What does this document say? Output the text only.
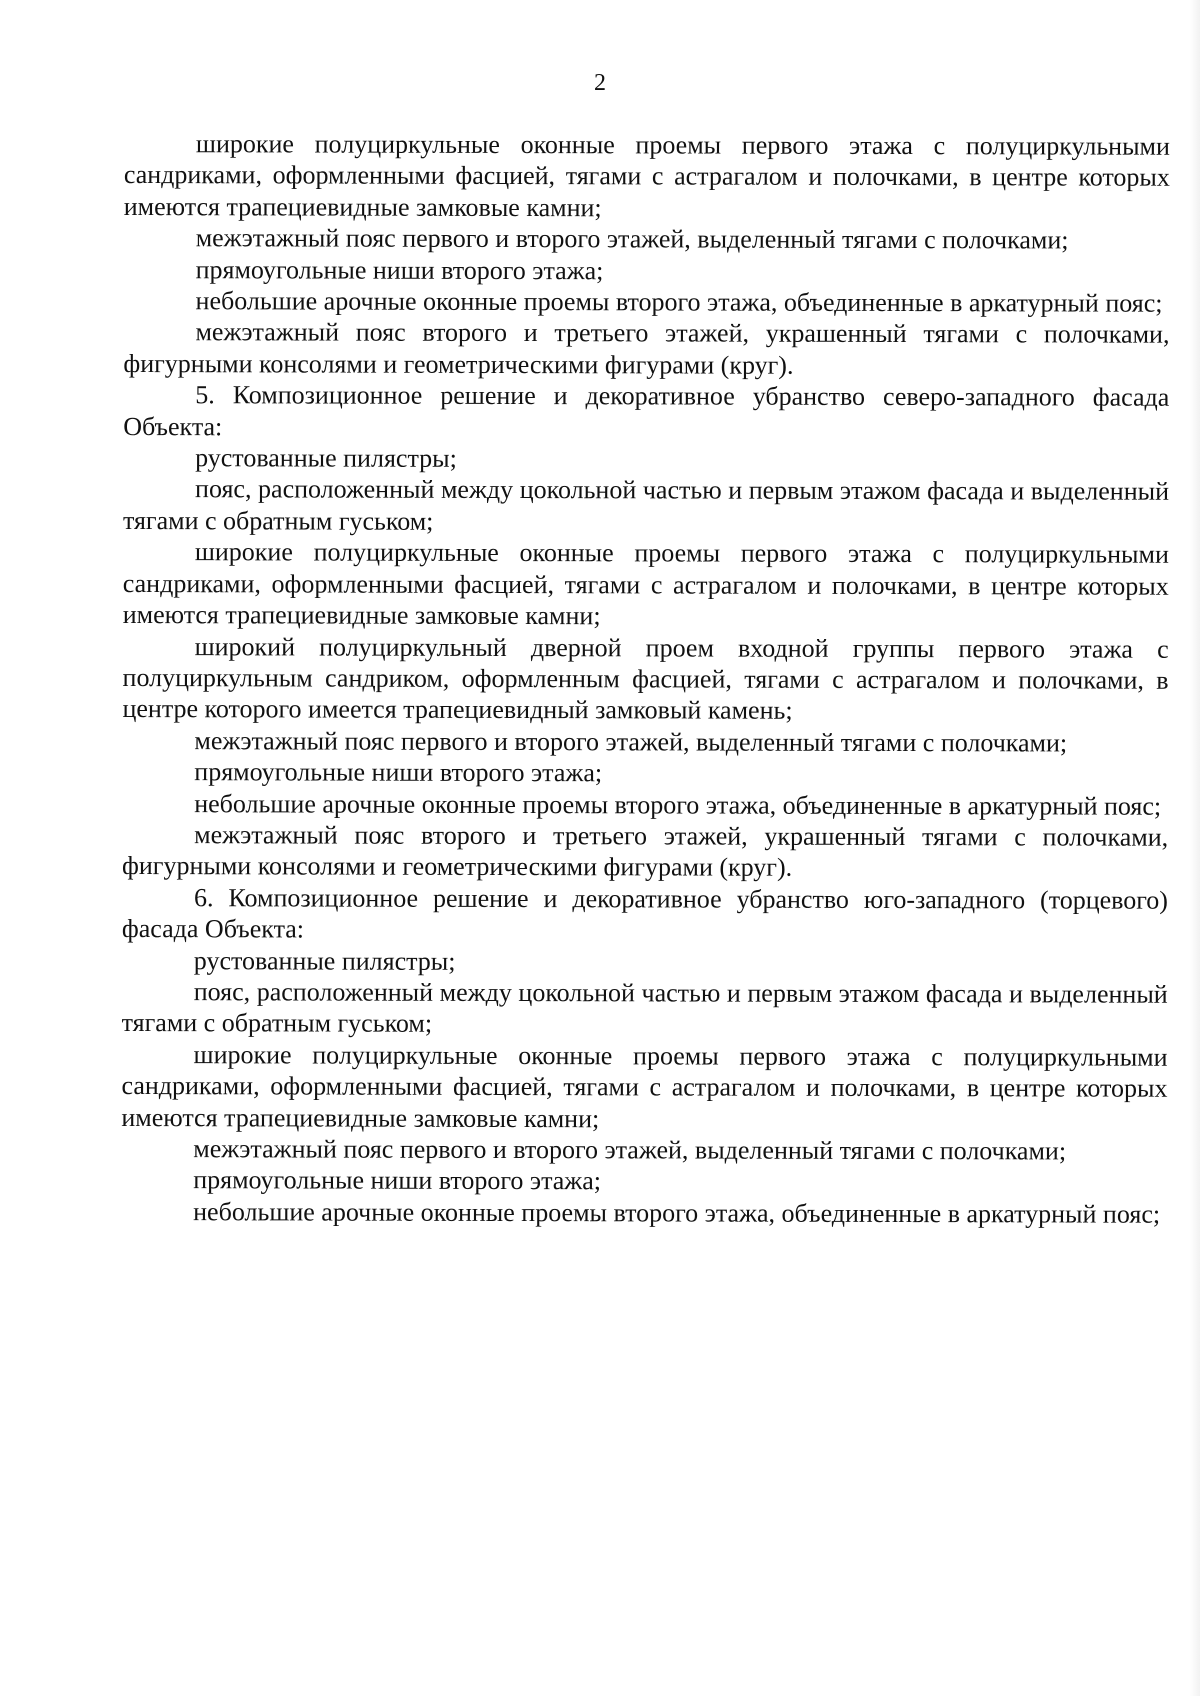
2

широкие полуциркульные оконные проемы первого этажа с полуциркульными сандриками, оформленными фасцией, тягами с астрагалом и полочками, в центре которых имеются трапециевидные замковые камни;

межэтажный пояс первого и второго этажей, выделенный тягами с полочками;

прямоугольные ниши второго этажа;

небольшие арочные оконные проемы второго этажа, объединенные в аркатурный пояс;

межэтажный пояс второго и третьего этажей, украшенный тягами с полочками, фигурными консолями и геометрическими фигурами (круг).

5. Композиционное решение и декоративное убранство северо-западного фасада Объекта:

рустованные пилястры;

пояс, расположенный между цокольной частью и первым этажом фасада и выделенный тягами с обратным гуськом;

широкие полуциркульные оконные проемы первого этажа с полуциркульными сандриками, оформленными фасцией, тягами с астрагалом и полочками, в центре которых имеются трапециевидные замковые камни;

широкий полуциркульный дверной проем входной группы первого этажа с полуциркульным сандриком, оформленным фасцией, тягами с астрагалом и полочками, в центре которого имеется трапециевидный замковый камень;

межэтажный пояс первого и второго этажей, выделенный тягами с полочками;

прямоугольные ниши второго этажа;

небольшие арочные оконные проемы второго этажа, объединенные в аркатурный пояс;

межэтажный пояс второго и третьего этажей, украшенный тягами с полочками, фигурными консолями и геометрическими фигурами (круг).

6. Композиционное решение и декоративное убранство юго-западного (торцевого) фасада Объекта:

рустованные пилястры;

пояс, расположенный между цокольной частью и первым этажом фасада и выделенный тягами с обратным гуськом;

широкие полуциркульные оконные проемы первого этажа с полуциркульными сандриками, оформленными фасцией, тягами с астрагалом и полочками, в центре которых имеются трапециевидные замковые камни;

межэтажный пояс первого и второго этажей, выделенный тягами с полочками;

прямоугольные ниши второго этажа;

небольшие арочные оконные проемы второго этажа, объединенные в аркатурный пояс;
